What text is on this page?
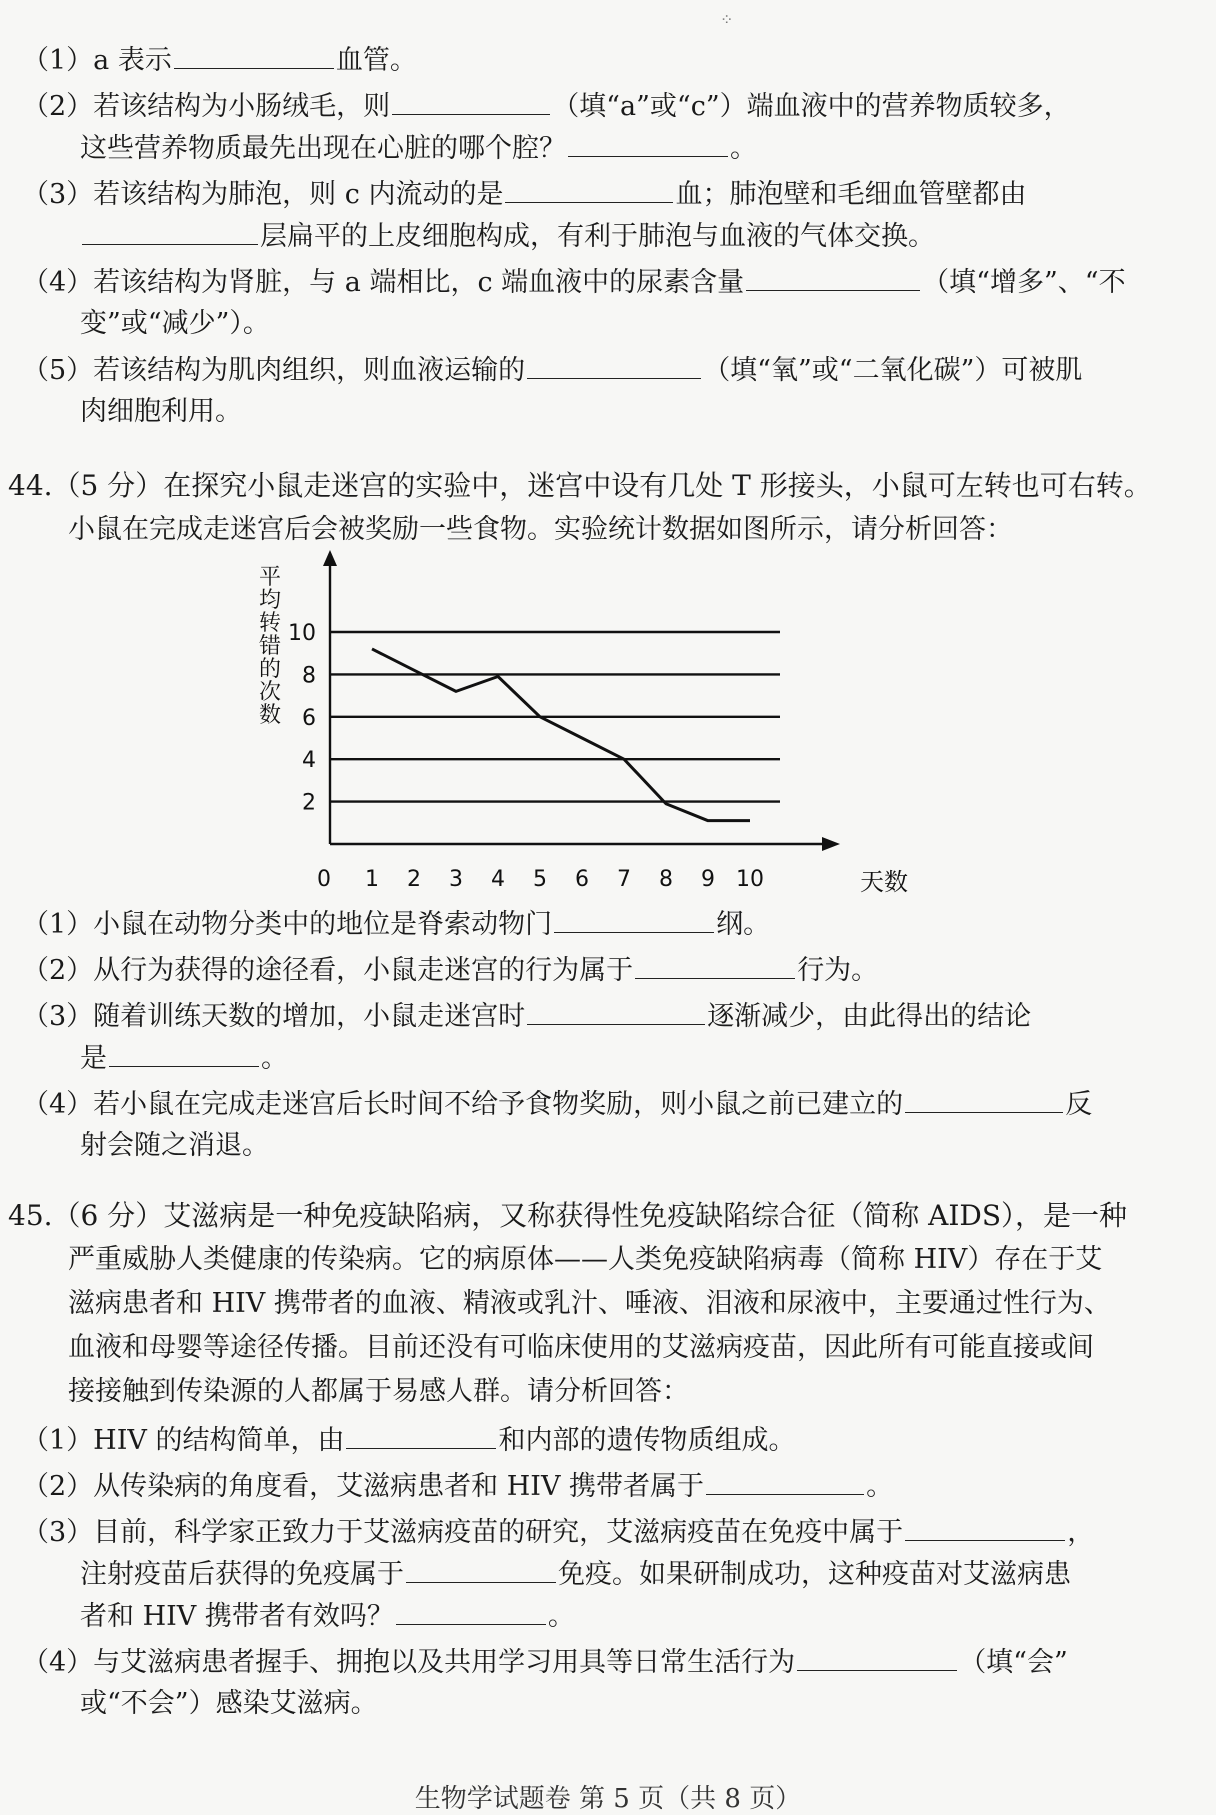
⁘
（1）a 表示	血管。
（2）若该结构为小肠绒毛，则	（填“a”或“c”）端血液中的营养物质较多，
这些营养物质最先出现在心脏的哪个腔？	。
（3）若该结构为肺泡，则 c 内流动的是	血；肺泡壁和毛细血管壁都由
层扁平的上皮细胞构成，有利于肺泡与血液的气体交换。
（4）若该结构为肾脏，与 a 端相比，c 端血液中的尿素含量	（填“增多”、“不
变”或“减少”）。
（5）若该结构为肌肉组织，则血液运输的	（填“氧”或“二氧化碳”）可被肌
肉细胞利用。
44.（5 分）在探究小鼠走迷宫的实验中，迷宫中设有几处 T 形接头，小鼠可左转也可右转。
小鼠在完成走迷宫后会被奖励一些食物。实验统计数据如图所示，请分析回答：
2
4
6
8
10
0 1 2 3 4 5 6 7 8 9 10
平
均
转
错
的
次
数
天数
（1）小鼠在动物分类中的地位是脊索动物门	纲。
（2）从行为获得的途径看，小鼠走迷宫的行为属于	行为。
（3）随着训练天数的增加，小鼠走迷宫时	逐渐减少，由此得出的结论
是	。
（4）若小鼠在完成走迷宫后长时间不给予食物奖励，则小鼠之前已建立的	反
射会随之消退。
45.（6 分）艾滋病是一种免疫缺陷病，又称获得性免疫缺陷综合征（简称 AIDS），是一种
严重威胁人类健康的传染病。它的病原体——人类免疫缺陷病毒（简称 HIV）存在于艾
滋病患者和 HIV 携带者的血液、精液或乳汁、唾液、泪液和尿液中，主要通过性行为、
血液和母婴等途径传播。目前还没有可临床使用的艾滋病疫苗，因此所有可能直接或间
接接触到传染源的人都属于易感人群。请分析回答：
（1）HIV 的结构简单，由	和内部的遗传物质组成。
（2）从传染病的角度看，艾滋病患者和 HIV 携带者属于	。
（3）目前，科学家正致力于艾滋病疫苗的研究，艾滋病疫苗在免疫中属于	，
注射疫苗后获得的免疫属于	免疫。如果研制成功，这种疫苗对艾滋病患
者和 HIV 携带者有效吗？	。
（4）与艾滋病患者握手、拥抱以及共用学习用具等日常生活行为	（填“会”
或“不会”）感染艾滋病。
生物学试题卷 第 5 页（共 8 页）
